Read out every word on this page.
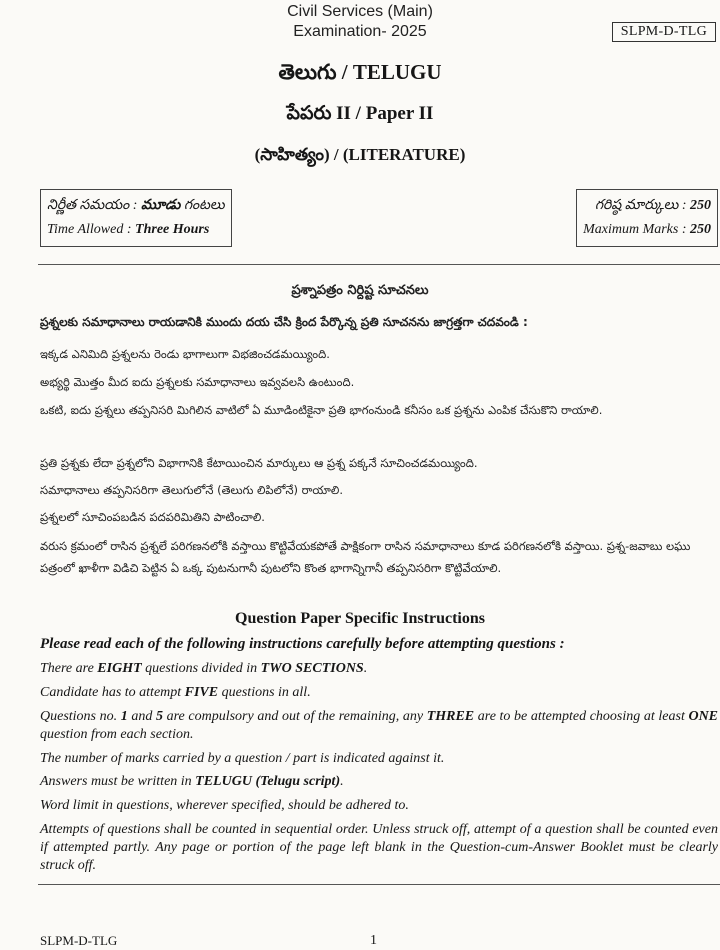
Civil Services (Main)
Examination- 2025	SLPM-D-TLG
తెలుగు / TELUGU
పేపరు II / Paper II
(సాహిత్యం) / (LITERATURE)
నిర్ణీత సమయం : మూడు గంటలు
Time Allowed : Three Hours
గరిష్ఠ మార్కులు : 250
Maximum Marks : 250
ప్రశ్నాపత్రం నిర్దిష్ట సూచనలు
ప్రశ్నలకు సమాధానాలు రాయడానికి ముందు దయ చేసి క్రింద పేర్కొన్న ప్రతి సూచనను జాగ్రత్తగా చదవండి :
ఇక్కడ ఎనిమిది ప్రశ్నలను రెండు భాగాలుగా విభజించడమయ్యింది.
అభ్యర్థి మొత్తం మీద ఐదు ప్రశ్నలకు సమాధానాలు ఇవ్వవలసి ఉంటుంది.
ఒకటి, ఐదు ప్రశ్నలు తప్పనిసరి మిగిలిన వాటిలో ఏ మూడింటికైనా ప్రతి భాగంనుండి కనీసం ఒక ప్రశ్నను ఎంపిక చేసుకొని రాయాలి.
ప్రతి ప్రశ్నకు లేదా ప్రశ్నలోని విభాగానికి కేటాయించిన మార్కులు ఆ ప్రశ్న పక్కనే సూచించడమయ్యింది.
సమాధానాలు తప్పనిసరిగా తెలుగులోనే (తెలుగు లిపిలోనే) రాయాలి.
ప్రశ్నలలో సూచింపబడిన పదపరిమితిని పాటించాలి.
వరుస క్రమంలో రాసిన ప్రశ్నలే పరిగణనలోకి వస్తాయి కొట్టివేయకపోతే పాక్షికంగా రాసిన సమాధానాలు కూడ పరిగణనలోకి వస్తాయి. ప్రశ్న-జవాబు లఘు పత్రంలో ఖాళీగా విడిచి పెట్టిన ఏ ఒక్క పుటనుగానీ పుటలోని కొంత భాగాన్నిగానీ తప్పనిసరిగా కొట్టివేయాలి.
Question Paper Specific Instructions
Please read each of the following instructions carefully before attempting questions :
There are EIGHT questions divided in TWO SECTIONS.
Candidate has to attempt FIVE questions in all.
Questions no. 1 and 5 are compulsory and out of the remaining, any THREE are to be attempted choosing at least ONE question from each section.
The number of marks carried by a question / part is indicated against it.
Answers must be written in TELUGU (Telugu script).
Word limit in questions, wherever specified, should be adhered to.
Attempts of questions shall be counted in sequential order. Unless struck off, attempt of a question shall be counted even if attempted partly. Any page or portion of the page left blank in the Question-cum-Answer Booklet must be clearly struck off.
SLPM-D-TLG	1
